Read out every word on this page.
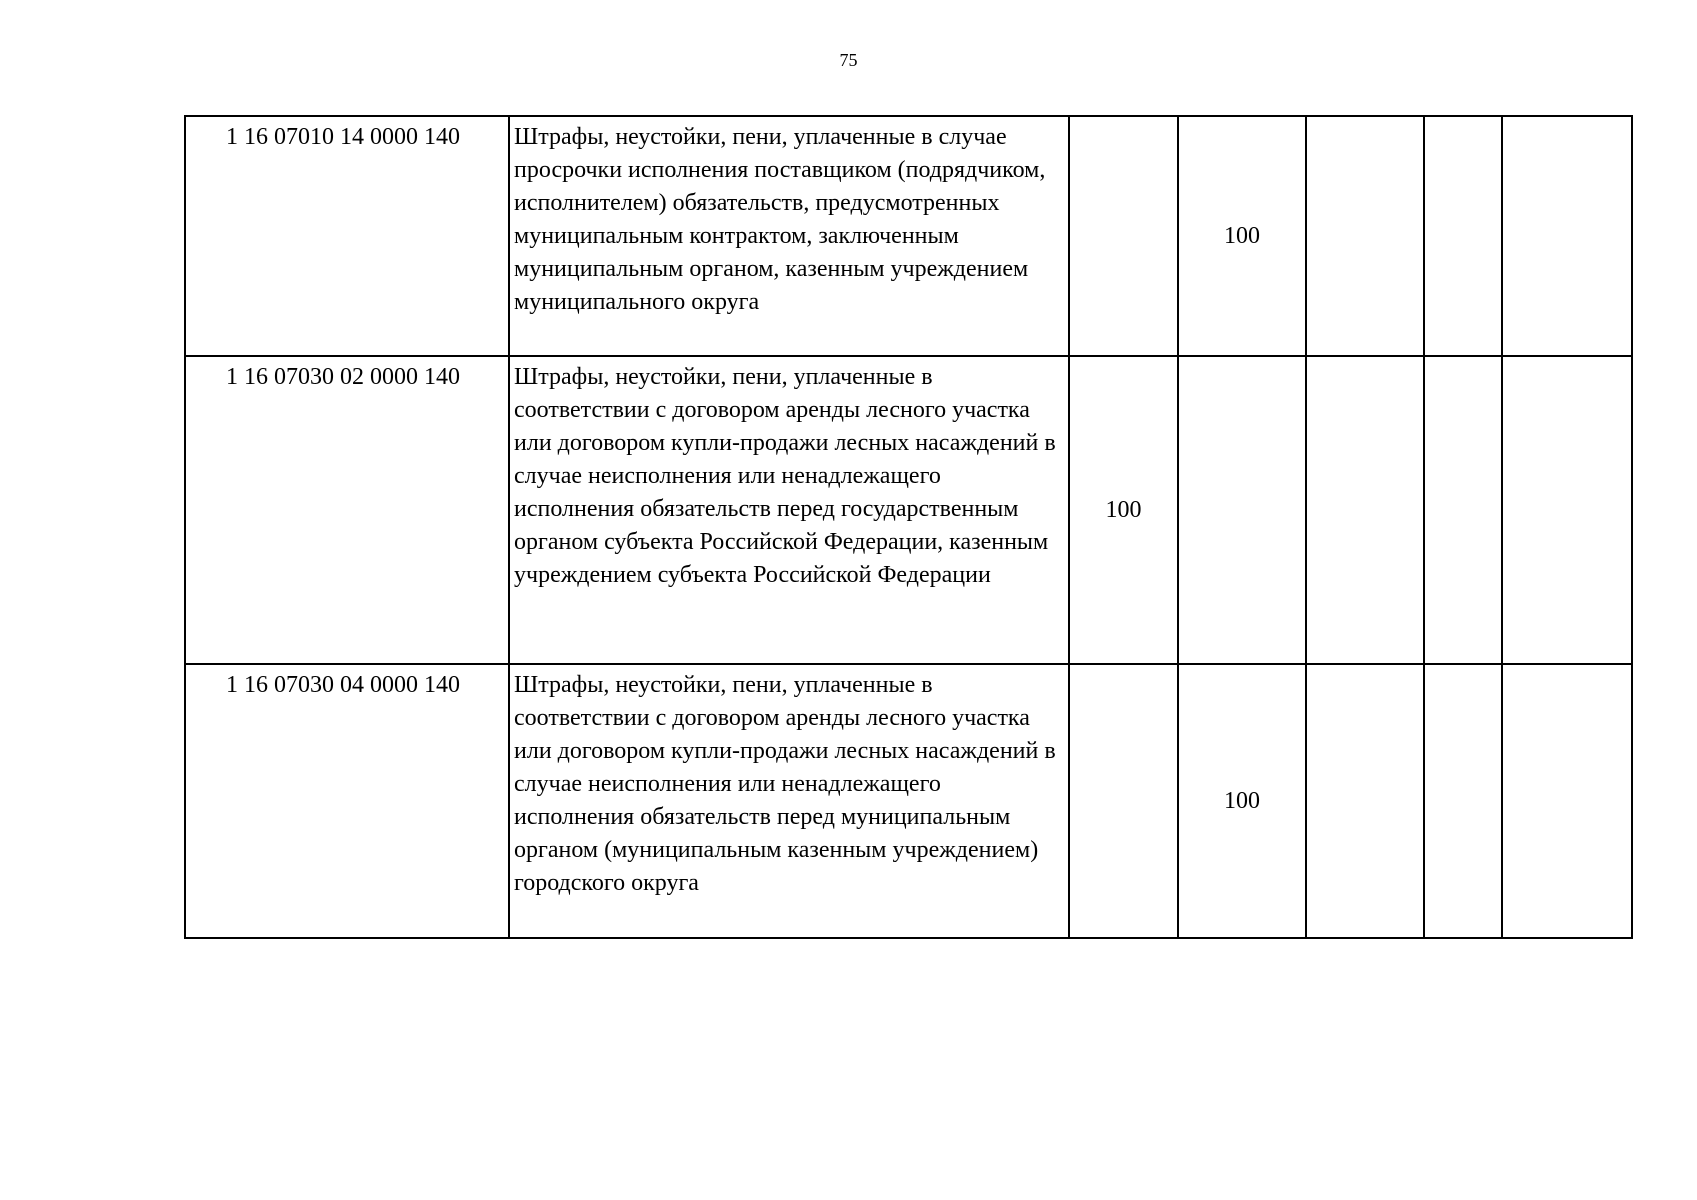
75
1 16 07010 14 0000 140	Штрафы, неустойки, пени, уплаченные в случае просрочки исполнения поставщиком (подрядчиком, исполнителем) обязательств, предусмотренных муниципальным контрактом, заключенным муниципальным органом, казенным учреждением муниципального округа		100			
1 16 07030 02 0000 140	Штрафы, неустойки, пени, уплаченные в соответствии с договором аренды лесного участка или договором купли-продажи лесных насаждений в случае неисполнения или ненадлежащего исполнения обязательств перед государственным органом субъекта Российской Федерации, казенным учреждением субъекта Российской Федерации	100				
1 16 07030 04 0000 140	Штрафы, неустойки, пени, уплаченные в соответствии с договором аренды лесного участка или договором купли-продажи лесных насаждений в случае неисполнения или ненадлежащего исполнения обязательств перед муниципальным органом (муниципальным казенным учреждением) городского округа		100			
